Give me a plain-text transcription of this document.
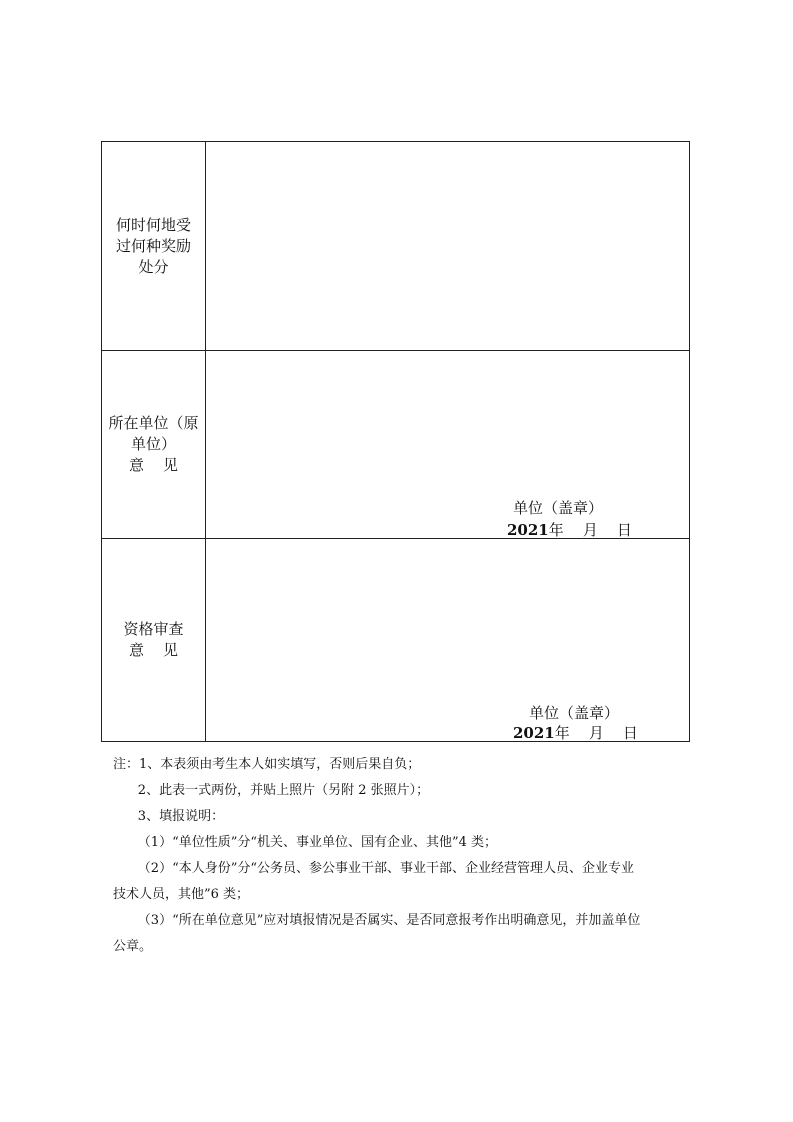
何时何地受
过何种奖励
处分
所在单位（原
单位）
意    见
单位（盖章）
2021年    月    日
资格审查
意    见
单位（盖章）
2021年    月    日

注：1、本表须由考生本人如实填写，否则后果自负；

2、此表一式两份，并贴上照片（另附 2 张照片）；

3、填报说明：

（1）“单位性质”分“机关、事业单位、国有企业、其他”4 类；

（2）“本人身份”分“公务员、参公事业干部、事业干部、企业经营管理人员、企业专业

技术人员，其他”6 类；

（3）“所在单位意见”应对填报情况是否属实、是否同意报考作出明确意见，并加盖单位

公章。
